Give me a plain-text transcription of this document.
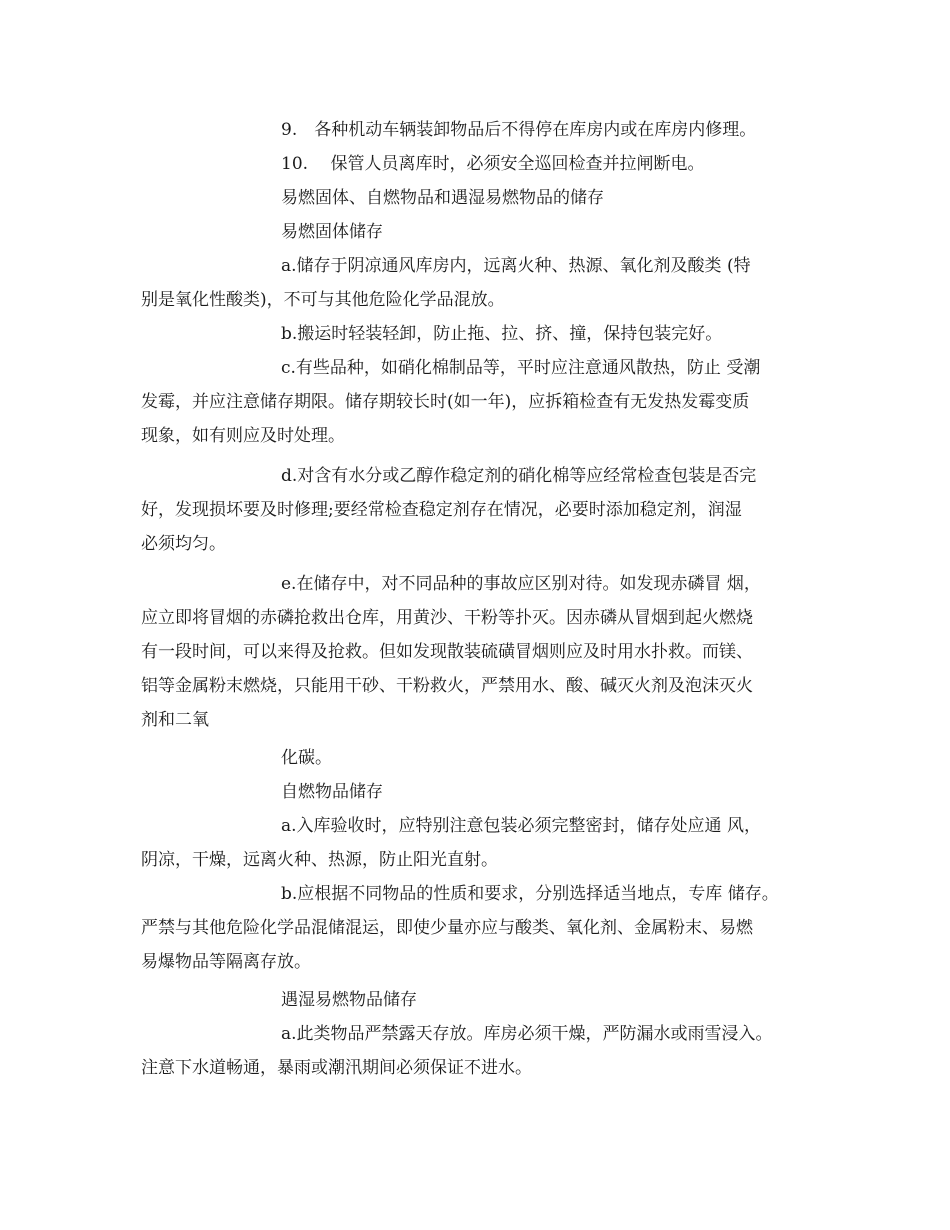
9.　各种机动车辆装卸物品后不得停在库房内或在库房内修理。
10.　 保管人员离库时，必须安全巡回检查并拉闸断电。
易燃固体、自燃物品和遇湿易燃物品的储存
易燃固体储存
a.储存于阴凉通风库房内，远离火种、热源、氧化剂及酸类 (特
别是氧化性酸类)，不可与其他危险化学品混放。
b.搬运时轻装轻卸，防止拖、拉、挤、撞，保持包装完好。
c.有些品种，如硝化棉制品等，平时应注意通风散热，防止 受潮
发霉，并应注意储存期限。储存期较长时(如一年)，应拆箱检查有无发热发霉变质
现象，如有则应及时处理。
d.对含有水分或乙醇作稳定剂的硝化棉等应经常检查包装是否完
好，发现损坏要及时修理;要经常检查稳定剂存在情况，必要时添加稳定剂，润湿
必须均匀。
e.在储存中，对不同品种的事故应区别对待。如发现赤磷冒 烟，
应立即将冒烟的赤磷抢救出仓库，用黄沙、干粉等扑灭。因赤磷从冒烟到起火燃烧
有一段时间，可以来得及抢救。但如发现散装硫磺冒烟则应及时用水扑救。而镁、
铝等金属粉末燃烧，只能用干砂、干粉救火，严禁用水、酸、碱灭火剂及泡沫灭火
剂和二氧
化碳。
自燃物品储存
a.入库验收时，应特别注意包装必须完整密封，储存处应通 风，
阴凉，干燥，远离火种、热源，防止阳光直射。
b.应根据不同物品的性质和要求，分别选择适当地点，专库 储存。
严禁与其他危险化学品混储混运，即使少量亦应与酸类、氧化剂、金属粉末、易燃
易爆物品等隔离存放。
遇湿易燃物品储存
a.此类物品严禁露天存放。库房必须干燥，严防漏水或雨雪浸入。
注意下水道畅通，暴雨或潮汛期间必须保证不进水。
